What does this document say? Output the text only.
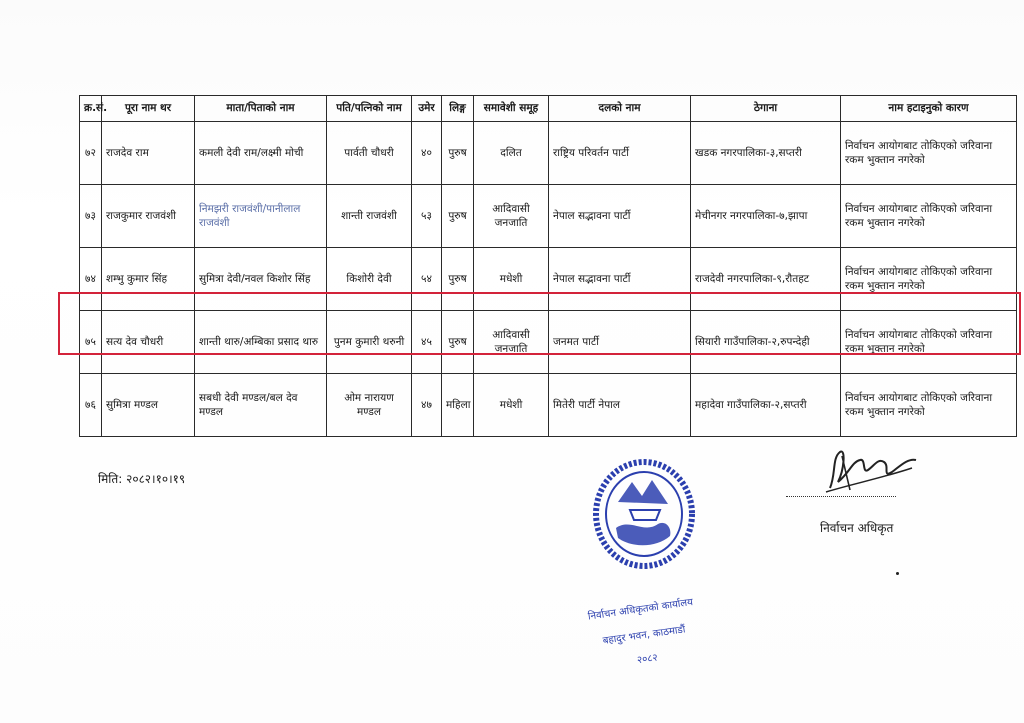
क्र.सं.	पूरा नाम थर	माता/पिताको नाम	पति/पत्निको नाम	उमेर	लिङ्ग	समावेशी समूह	दलको नाम	ठेगाना	नाम हटाइनुको कारण
७२	राजदेव राम	कमली देवी राम/लक्ष्मी मोची	पार्वती चौधरी	४०	पुरुष	दलित	राष्ट्रिय परिवर्तन पार्टी	खडक नगरपालिका-३,सप्तरी	निर्वाचन आयोगबाट तोकिएको जरिवाना रकम भुक्तान नगरेको
७३	राजकुमार राजवंशी	निमझरी राजवंशी/पानीलाल राजवंशी	शान्ती राजवंशी	५३	पुरुष	आदिवासी जनजाति	नेपाल सद्भावना पार्टी	मेचीनगर नगरपालिका-७,झापा	निर्वाचन आयोगबाट तोकिएको जरिवाना रकम भुक्तान नगरेको
७४	शम्भु कुमार सिंह	सुमित्रा देवी/नवल किशोर सिंह	किशोरी देवी	५४	पुरुष	मधेशी	नेपाल सद्भावना पार्टी	राजदेवी नगरपालिका-९,रौतहट	निर्वाचन आयोगबाट तोकिएको जरिवाना रकम भुक्तान नगरेको
७५	सत्य देव चौधरी	शान्ती थारु/अम्बिका प्रसाद थारु	पुनम कुमारी थरुनी	४५	पुरुष	आदिवासी जनजाति	जनमत पार्टी	सियारी गाउँपालिका-२,रुपन्देही	निर्वाचन आयोगबाट तोकिएको जरिवाना रकम भुक्तान नगरेको
७६	सुमित्रा मण्डल	सबधी देवी मण्डल/बल देव मण्डल	ओम नारायण मण्डल	४७	महिला	मधेशी	मितेरी पार्टी नेपाल	महादेवा गाउँपालिका-२,सप्तरी	निर्वाचन आयोगबाट तोकिएको जरिवाना रकम भुक्तान नगरेको
मिति: २०८२।१०।१९
निर्वाचन अधिकृत
निर्वाचन अधिकृतको कार्यालय
बहादुर भवन, काठमाडौं
२०८२
